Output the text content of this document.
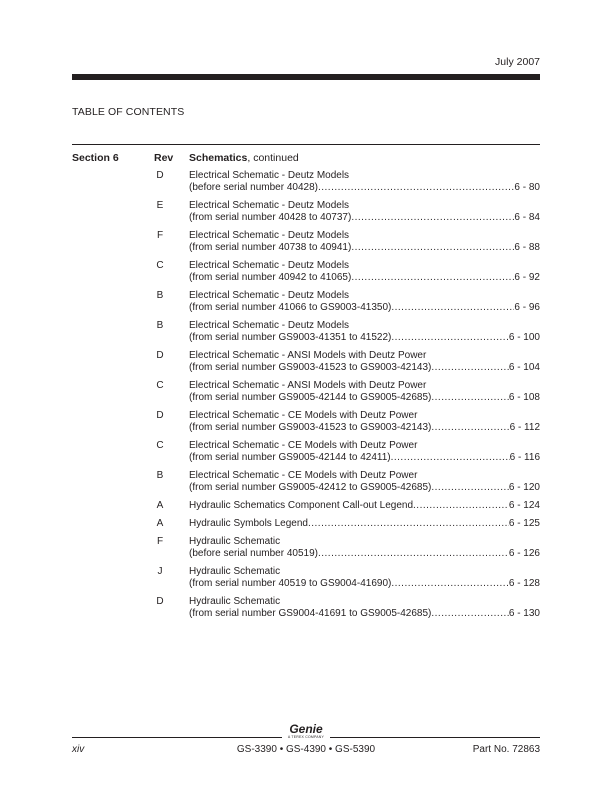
July 2007
TABLE OF CONTENTS
Section 6	Rev Schematics, continued
D	Electrical Schematic - Deutz Models
(before serial number 40428) .....	6 - 80
E	Electrical Schematic - Deutz Models
(from serial number 40428 to 40737) .....	6 - 84
F	Electrical Schematic - Deutz Models
(from serial number 40738 to 40941) .....	6 - 88
C	Electrical Schematic - Deutz Models
(from serial number 40942 to 41065) .....	6 - 92
B	Electrical Schematic - Deutz Models
(from serial number 41066 to GS9003-41350) .....	6 - 96
B	Electrical Schematic - Deutz Models
(from serial number GS9003-41351 to 41522) .....	6 - 100
D	Electrical Schematic - ANSI Models with Deutz Power
(from serial number GS9003-41523 to GS9003-42143) .....	6 - 104
C	Electrical Schematic - ANSI Models with Deutz Power
(from serial number GS9005-42144 to GS9005-42685) .....	6 - 108
D	Electrical Schematic - CE Models with Deutz Power
(from serial number GS9003-41523 to GS9003-42143) .....	6 - 112
C	Electrical Schematic - CE Models with Deutz Power
(from serial number GS9005-42144 to 42411) .....	6 - 116
B	Electrical Schematic - CE Models with Deutz Power
(from serial number GS9005-42412 to GS9005-42685) .....	6 - 120
A	Hydraulic Schematics Component Call-out Legend .....	6 - 124
A	Hydraulic Symbols Legend .....	6 - 125
F	Hydraulic Schematic
(before serial number 40519) .....	6 - 126
J	Hydraulic Schematic
(from serial number 40519 to GS9004-41690) .....	6 - 128
D	Hydraulic Schematic
(from serial number GS9004-41691 to GS9005-42685) .....	6 - 130
Genie
A TEREX COMPANY
xiv	GS-3390 • GS-4390 • GS-5390	Part No. 72863
